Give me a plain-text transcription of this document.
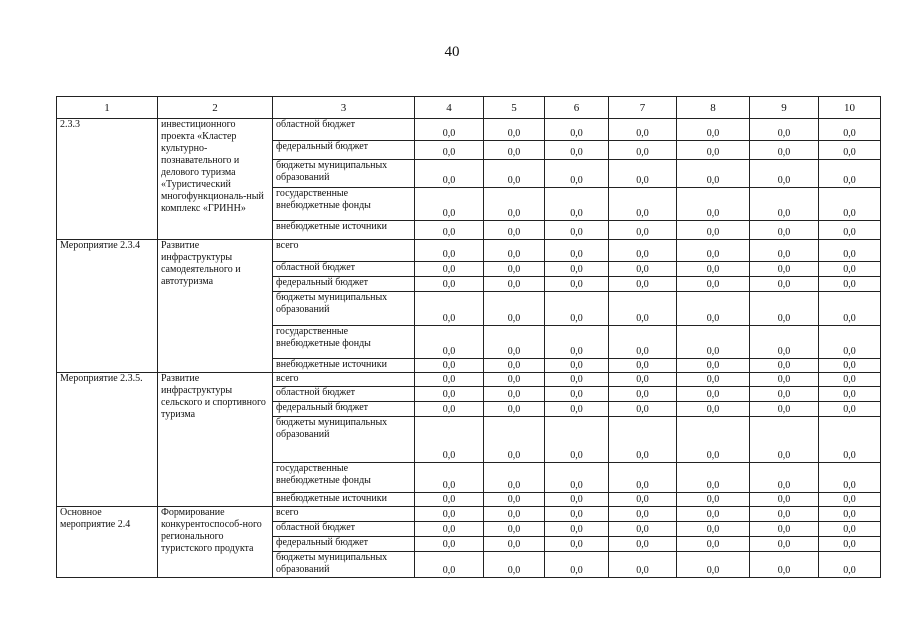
40
1	2	3	4	5	6	7	8	9	10
2.3.3	инвестиционного проекта «Кластер культурно-познавательного и делового туризма «Туристический многофункциональ-ный комплекс «ГРИНН»	областной бюджет	0,0	0,0	0,0	0,0	0,0	0,0	0,0
		федеральный бюджет	0,0	0,0	0,0	0,0	0,0	0,0	0,0
		бюджеты муниципальных образований	0,0	0,0	0,0	0,0	0,0	0,0	0,0
		государственные внебюджетные фонды	0,0	0,0	0,0	0,0	0,0	0,0	0,0
		внебюджетные источники	0,0	0,0	0,0	0,0	0,0	0,0	0,0
Мероприятие 2.3.4	Развитие инфраструктуры самодеятельного и автотуризма	всего	0,0	0,0	0,0	0,0	0,0	0,0	0,0
		областной бюджет	0,0	0,0	0,0	0,0	0,0	0,0	0,0
		федеральный бюджет	0,0	0,0	0,0	0,0	0,0	0,0	0,0
		бюджеты муниципальных образований	0,0	0,0	0,0	0,0	0,0	0,0	0,0
		государственные внебюджетные фонды	0,0	0,0	0,0	0,0	0,0	0,0	0,0
		внебюджетные источники	0,0	0,0	0,0	0,0	0,0	0,0	0,0
Мероприятие 2.3.5.	Развитие инфраструктуры сельского и спортивного туризма	всего	0,0	0,0	0,0	0,0	0,0	0,0	0,0
		областной бюджет	0,0	0,0	0,0	0,0	0,0	0,0	0,0
		федеральный бюджет	0,0	0,0	0,0	0,0	0,0	0,0	0,0
		бюджеты муниципальных образований	0,0	0,0	0,0	0,0	0,0	0,0	0,0
		государственные внебюджетные фонды	0,0	0,0	0,0	0,0	0,0	0,0	0,0
		внебюджетные источники	0,0	0,0	0,0	0,0	0,0	0,0	0,0
Основное мероприятие 2.4	Формирование конкурентоспособ-ного регионального туристского продукта	всего	0,0	0,0	0,0	0,0	0,0	0,0	0,0
		областной бюджет	0,0	0,0	0,0	0,0	0,0	0,0	0,0
		федеральный бюджет	0,0	0,0	0,0	0,0	0,0	0,0	0,0
		бюджеты муниципальных образований	0,0	0,0	0,0	0,0	0,0	0,0	0,0
